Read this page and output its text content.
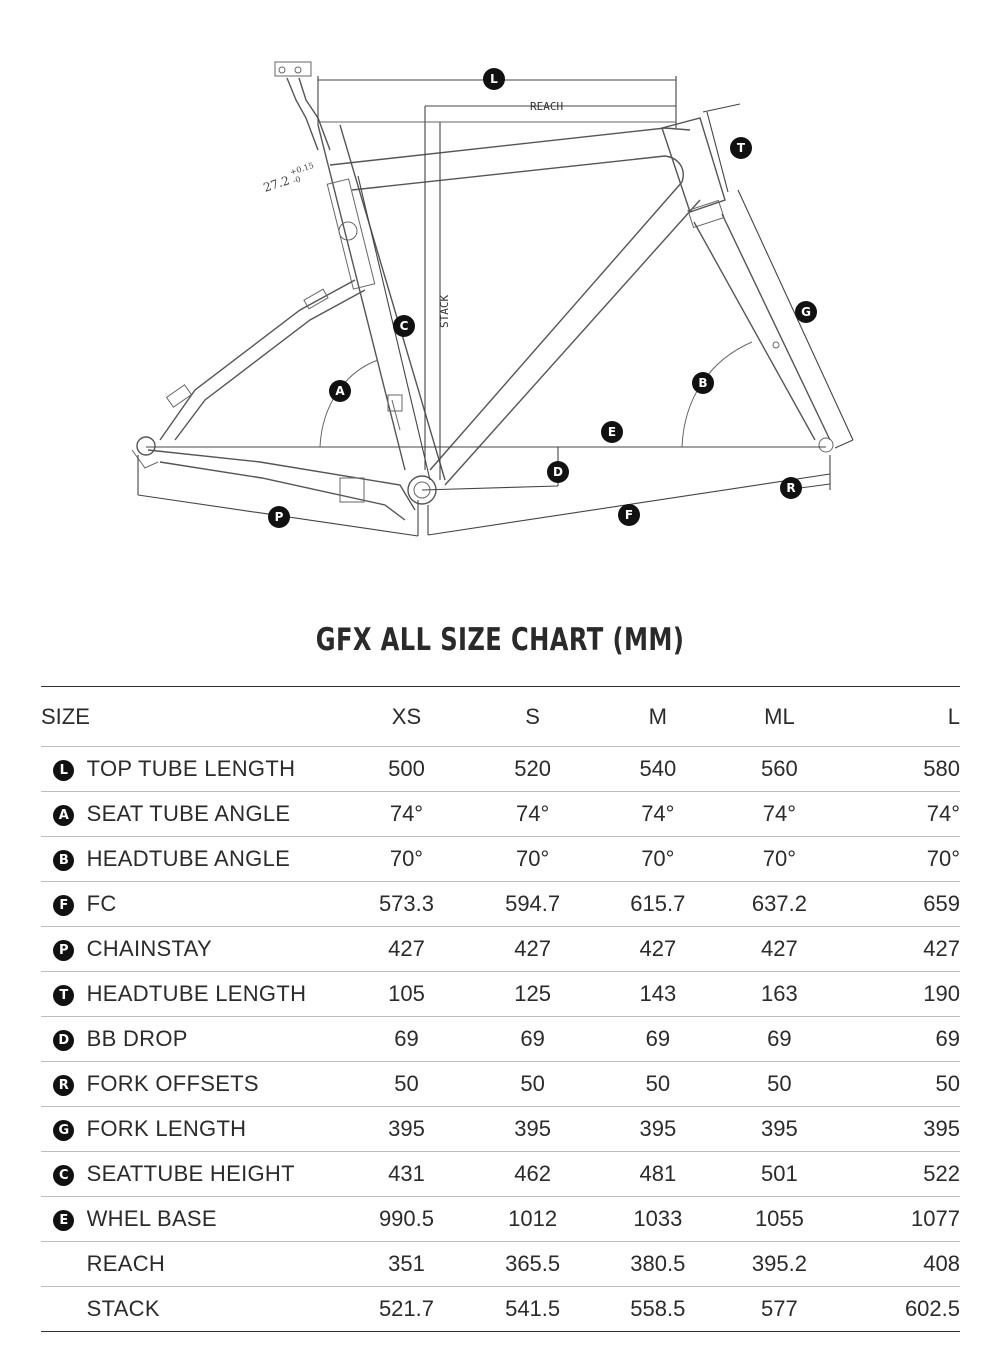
REACH
STACK
27.2
+0.15
-0
L
T
C
G
A
B
E
D
R
P	F
GFX ALL SIZE CHART (MM)
SIZE		XS	S	M	ML	L
L	TOP TUBE LENGTH	500	520	540	560	580
A	SEAT TUBE ANGLE	74°	74°	74°	74°	74°
B	HEADTUBE ANGLE	70°	70°	70°	70°	70°
F	FC	573.3	594.7	615.7	637.2	659
P	CHAINSTAY	427	427	427	427	427
T	HEADTUBE LENGTH	105	125	143	163	190
D	BB DROP	69	69	69	69	69
R	FORK OFFSETS	50	50	50	50	50
G	FORK LENGTH	395	395	395	395	395
C	SEATTUBE HEIGHT	431	462	481	501	522
E	WHEL BASE	990.5	1012	1033	1055	1077
	REACH	351	365.5	380.5	395.2	408
	STACK	521.7	541.5	558.5	577	602.5
